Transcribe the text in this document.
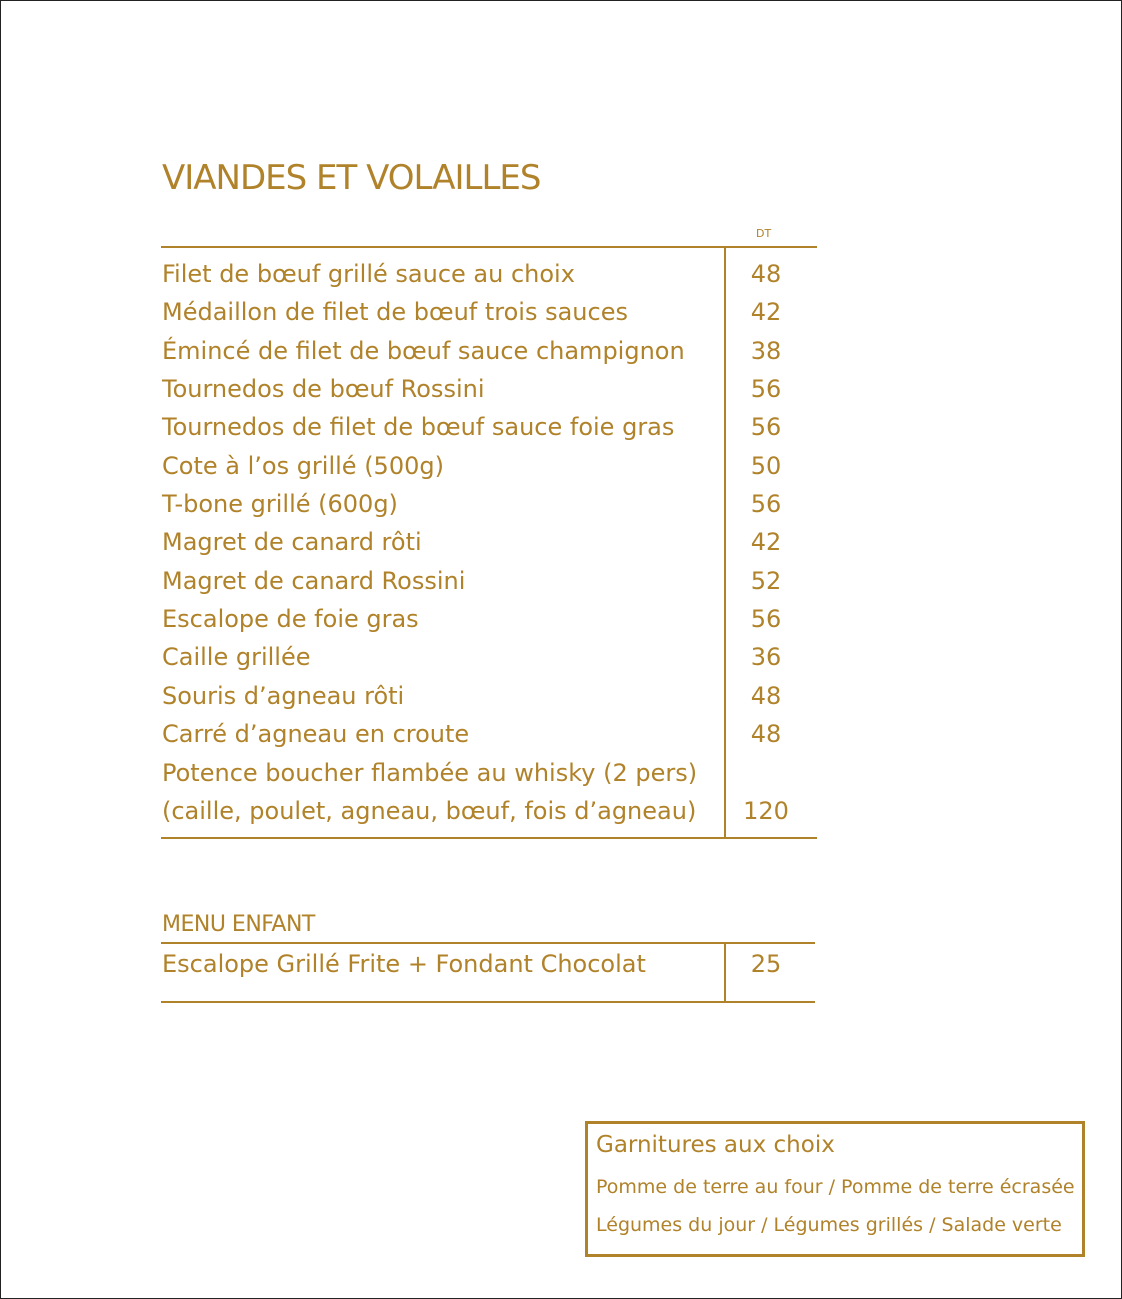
VIANDES ET VOLAILLES
DT
Filet de bœuf grillé sauce au choix	48
Médaillon de filet de bœuf trois sauces	42
Émincé de filet de bœuf sauce champignon	38
Tournedos de bœuf Rossini	56
Tournedos de filet de bœuf sauce foie gras	56
Cote à l’os grillé (500g)	50
T-bone grillé (600g)	56
Magret de canard rôti	42
Magret de canard Rossini	52
Escalope de foie gras	56
Caille grillée	36
Souris d’agneau rôti	48
Carré d’agneau en croute	48
Potence boucher flambée au whisky (2 pers)
(caille, poulet, agneau, bœuf, fois d’agneau)	120
MENU ENFANT
Escalope Grillé Frite + Fondant Chocolat	25
Garnitures aux choix
Pomme de terre au four / Pomme de terre écrasée
Légumes du jour / Légumes grillés / Salade verte
